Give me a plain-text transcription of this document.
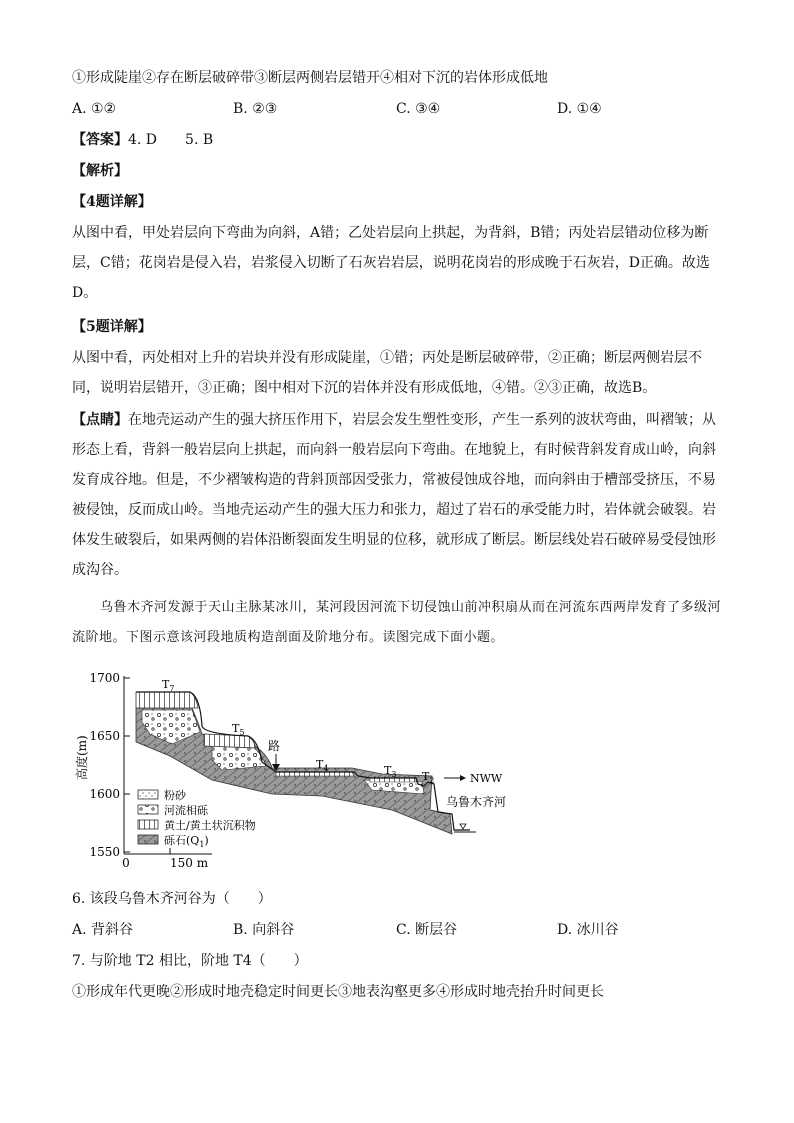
①形成陡崖②存在断层破碎带③断层两侧岩层错开④相对下沉的岩体形成低地
A. ①②	B. ②③	C. ③④	D. ①④
【答案】4. D　　5. B
【解析】
【4题详解】
从图中看，甲处岩层向下弯曲为向斜，A错；乙处岩层向上拱起，为背斜，B错；丙处岩层错动位移为断层，C错；花岗岩是侵入岩，岩浆侵入切断了石灰岩岩层，说明花岗岩的形成晚于石灰岩，D正确。故选D。
【5题详解】
从图中看，丙处相对上升的岩块并没有形成陡崖，①错；丙处是断层破碎带，②正确；断层两侧岩层不同，说明岩层错开，③正确；图中相对下沉的岩体并没有形成低地，④错。②③正确，故选B。
【点睛】在地壳运动产生的强大挤压作用下，岩层会发生塑性变形，产生一系列的波状弯曲，叫褶皱；从形态上看，背斜一般岩层向上拱起，而向斜一般岩层向下弯曲。在地貌上，有时候背斜发育成山岭，向斜发育成谷地。但是，不少褶皱构造的背斜顶部因受张力，常被侵蚀成谷地，而向斜由于槽部受挤压，不易被侵蚀，反而成山岭。当地壳运动产生的强大压力和张力，超过了岩石的承受能力时，岩体就会破裂。岩体发生破裂后，如果两侧的岩体沿断裂面发生明显的位移，就形成了断层。断层线处岩石破碎易受侵蚀形成沟谷。
乌鲁木齐河发源于天山主脉某冰川，某河段因河流下切侵蚀山前冲积扇从而在河流东西两岸发育了多级河流阶地。下图示意该河段地质构造剖面及阶地分布。读图完成下面小题。
1700
1650
1600
1550
0	150 m
高度(m)
$T_7$
$T_5$
$T_4$	$T_3$ $T_2$
路
NWW
乌鲁木齐河
粉砂
河流相砾
黄土/黄土状沉积物
砾石$(Q_1)$
6. 该段乌鲁木齐河谷为（　　）
A. 背斜谷	B. 向斜谷	C. 断层谷	D. 冰川谷
7. 与阶地 T2 相比，阶地 T4（　　）
①形成年代更晚②形成时地壳稳定时间更长③地表沟壑更多④形成时地壳抬升时间更长
